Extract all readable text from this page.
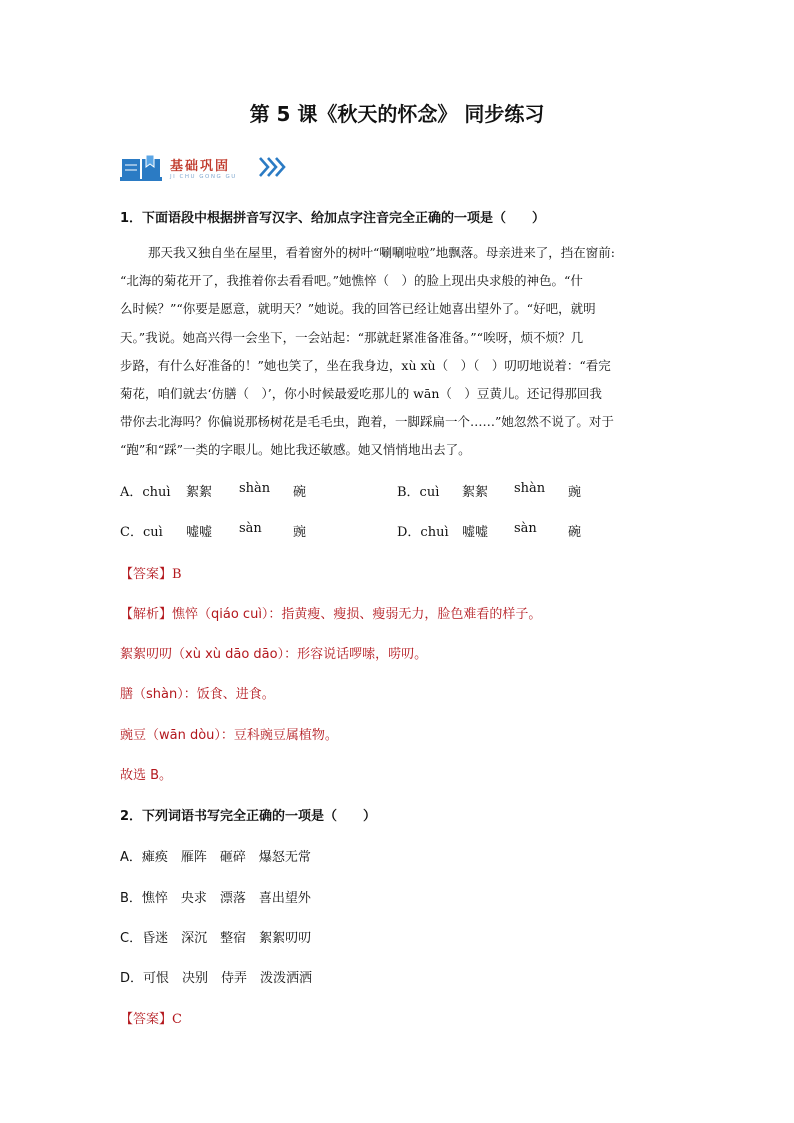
第 5 课《秋天的怀念》 同步练习
基础巩固
JI CHU GONG GU
1．下面语段中根据拼音写汉字、给加点字注音完全正确的一项是（　　）
那天我又独自坐在屋里，看着窗外的树叶“唰唰啦啦”地飘落。母亲进来了，挡在窗前:
“北海的菊花开了，我推着你去看看吧。”她憔悴（　）的脸上现出央求般的神色。“什
么时候？”“你要是愿意，就明天？”她说。我的回答已经让她喜出望外了。“好吧，就明
天。”我说。她高兴得一会坐下，一会站起：“那就赶紧准备准备。”“唉呀，烦不烦？几
步路，有什么好准备的！”她也笑了，坐在我身边，xù xù（　）（　）叨叨地说着：“看完
菊花，咱们就去‘仿膳（　）’，你小时候最爱吃那儿的 wān（　）豆黄儿。还记得那回我
带你去北海吗？你偏说那杨树花是毛毛虫，跑着，一脚踩扁一个……”她忽然不说了。对于
“跑”和“踩”一类的字眼儿。她比我还敏感。她又悄悄地出去了。
A．chuì 絮絮 shàn 碗	B．cuì 絮絮 shàn 豌
C．cuì 嘘嘘 sàn 豌	D．chuì 嘘嘘 sàn 碗
【答案】B
【解析】憔悴（qiáo cuì）：指黄瘦、瘦损、瘦弱无力，脸色难看的样子。
絮絮叨叨（xù xù dāo dāo）：形容说话啰嗦，唠叨。
膳（shàn）：饭食、进食。
豌豆（wān dòu）：豆科豌豆属植物。
故选 B。
2．下列词语书写完全正确的一项是（　　）
A．瘫痪　雁阵　砸碎　爆怒无常
B．憔悴　央求　漂落　喜出望外
C．昏迷　深沉　整宿　絮絮叨叨
D．可恨　决别　侍弄　泼泼洒洒
【答案】C
